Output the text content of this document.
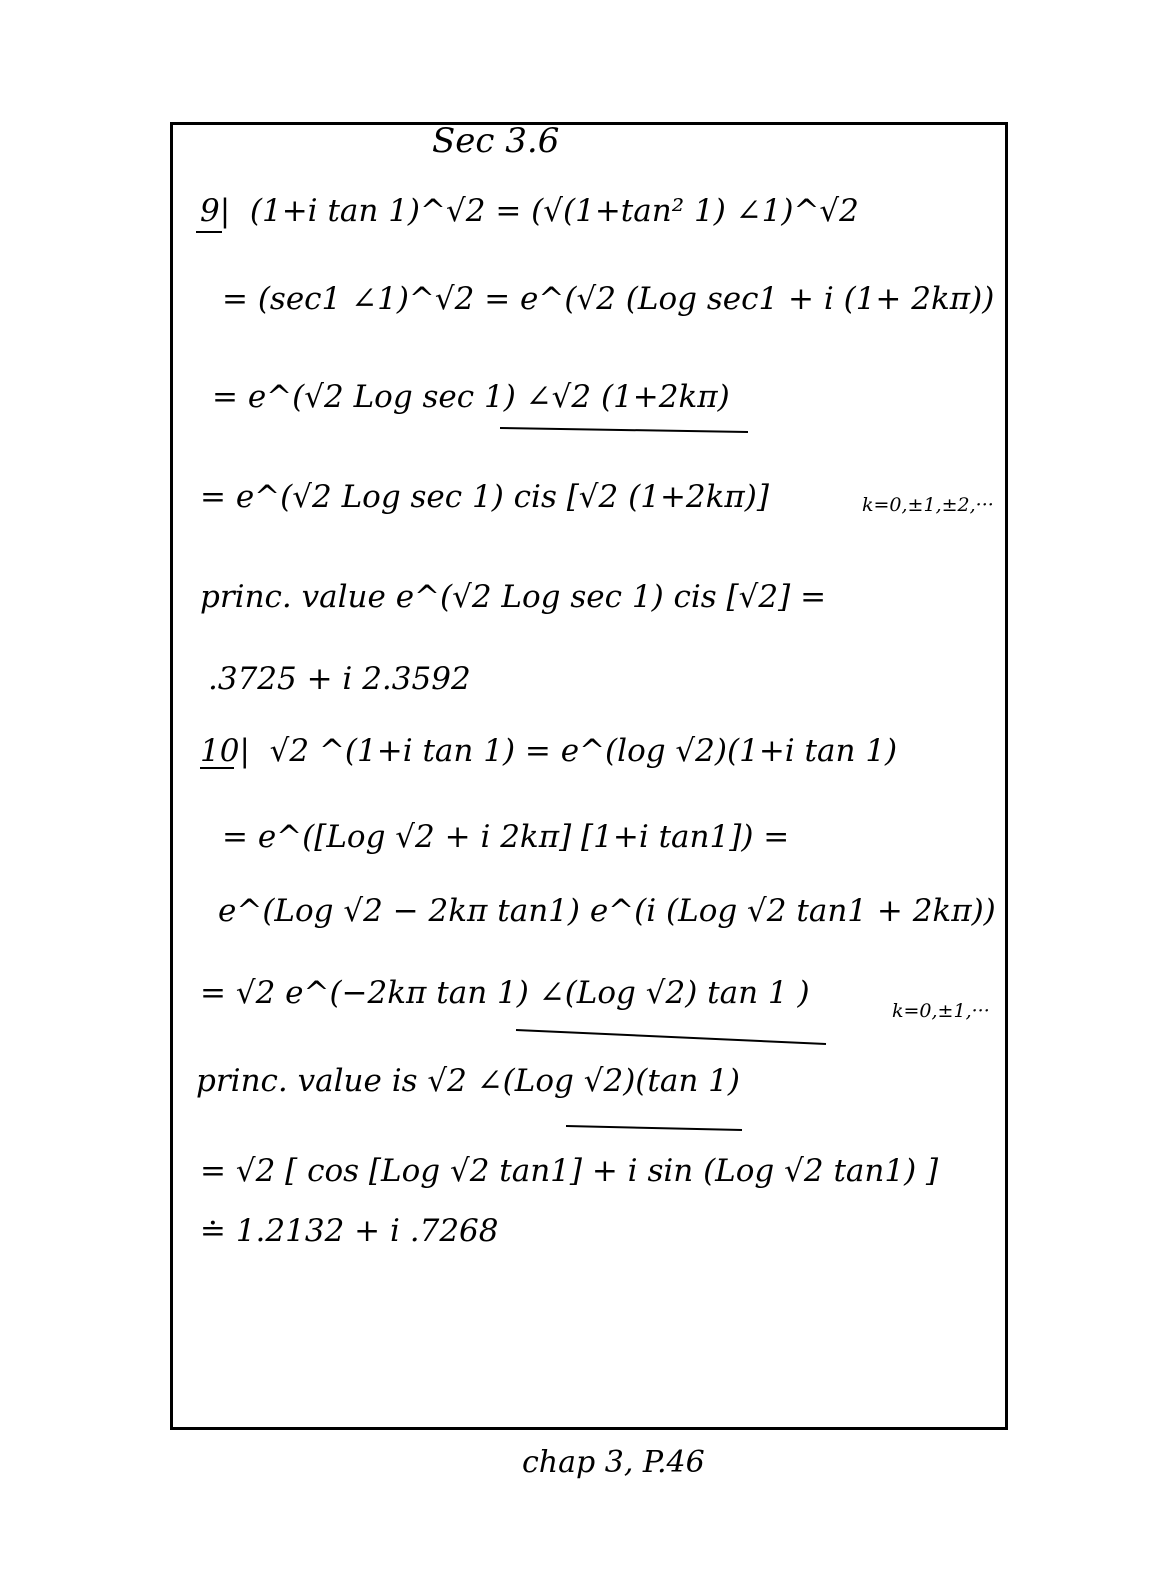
Sec 3.6
9|  (1+i tan 1)^√2 = (√(1+tan² 1) ∠1)^√2
= (sec1 ∠1)^√2 = e^(√2 (Log sec1 + i (1+ 2kπ))
= e^(√2 Log sec 1) ∠√2 (1+2kπ)
= e^(√2 Log sec 1) cis [√2 (1+2kπ)]	k=0,±1,±2,···
princ. value e^(√2 Log sec 1) cis [√2] =
.3725 + i 2.3592
10|  √2 ^(1+i tan 1) = e^(log √2)(1+i tan 1)
= e^([Log √2 + i 2kπ] [1+i tan1]) =
e^(Log √2 − 2kπ tan1) e^(i (Log √2 tan1 + 2kπ))
= √2 e^(−2kπ tan 1) ∠(Log √2) tan 1 )	k=0,±1,···
princ. value is √2 ∠(Log √2)(tan 1)
= √2 [ cos [Log √2 tan1] + i sin (Log √2 tan1) ]
≐ 1.2132 + i .7268
chap 3, P.46
